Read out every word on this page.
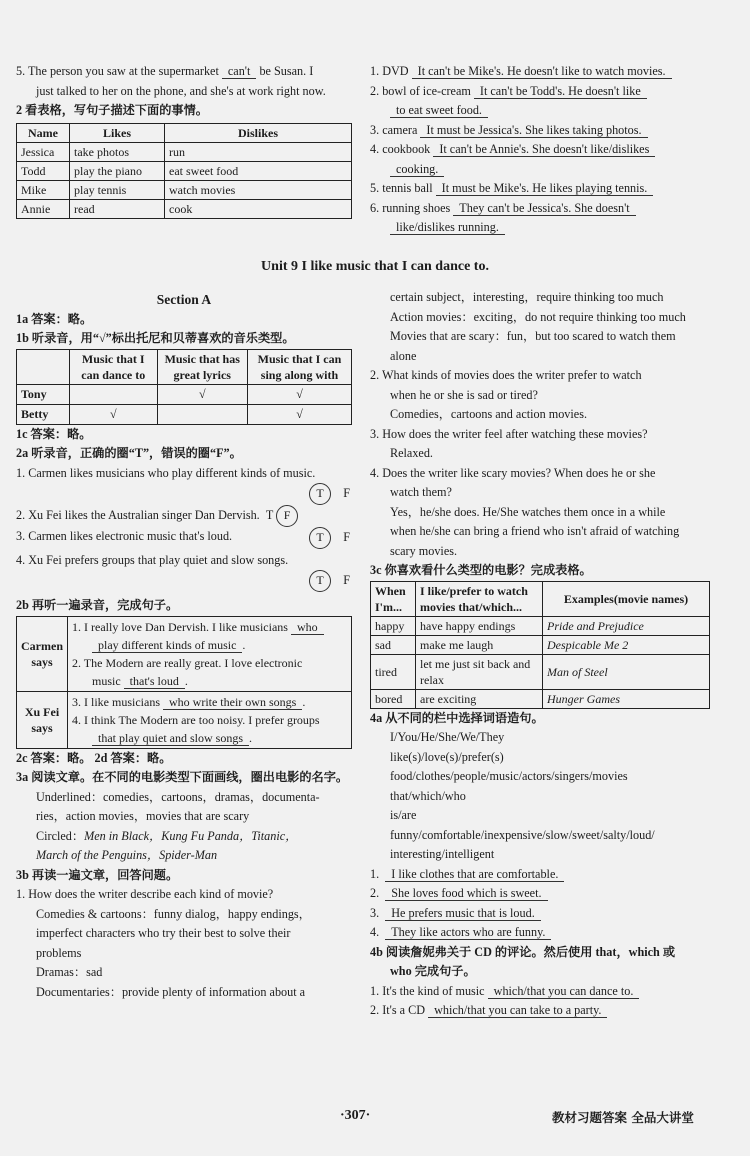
5. The person you saw at the supermarket can't be Susan. I

just talked to her on the phone, and she's at work right now.

2 看表格，写句子描述下面的事情。

Name	Likes	Dislikes
Jessica	take photos	run
Todd	play the piano	eat sweet food
Mike	play tennis	watch movies
Annie	read	cook

1. DVD It can't be Mike's. He doesn't like to watch movies.

2. bowl of ice-cream It can't be Todd's. He doesn't like

to eat sweet food.

3. camera It must be Jessica's. She likes taking photos.

4. cookbook It can't be Annie's. She doesn't like/dislikes

cooking.

5. tennis ball It must be Mike's. He likes playing tennis.

6. running shoes They can't be Jessica's. She doesn't

like/dislikes running.

Unit 9 I like music that I can dance to.

Section A

1a 答案：略。

1b 听录音，用“√”标出托尼和贝蒂喜欢的音乐类型。

	Music that I can dance to	Music that has great lyrics	Music that I can sing along with
Tony		√	√
Betty	√		√

1c 答案：略。

2a 听录音，正确的圈“T”，错误的圈“F”。

1. Carmen likes musicians who play different kinds of music.

T F

2. Xu Fei likes the Australian singer Dan Dervish. T F

3. Carmen likes electronic music that's loud.	T F

4. Xu Fei prefers groups that play quiet and slow songs.

T F

2b 再听一遍录音，完成句子。

Carmen says	1. I really love Dan Dervish. I like musicians who
play different kinds of music .
2. The Modern are really great. I love electronic
music that's loud .

Xu Fei says	3. I like musicians who write their own songs .
4. I think The Modern are too noisy. I prefer groups
that play quiet and slow songs .

2c 答案：略。 2d 答案：略。

3a 阅读文章。在不同的电影类型下面画线，圈出电影的名字。

Underlined：comedies，cartoons，dramas，documenta-

ries，action movies，movies that are scary

Circled：Men in Black，Kung Fu Panda，Titanic，

March of the Penguins，Spider-Man

3b 再读一遍文章，回答问题。

1. How does the writer describe each kind of movie?

Comedies & cartoons：funny dialog，happy endings，

imperfect characters who try their best to solve their

problems

Dramas：sad

Documentaries：provide plenty of information about a

certain subject，interesting，require thinking too much

Action movies：exciting，do not require thinking too much

Movies that are scary：fun，but too scared to watch them

alone

2. What kinds of movies does the writer prefer to watch

when he or she is sad or tired?

Comedies，cartoons and action movies.

3. How does the writer feel after watching these movies?

Relaxed.

4. Does the writer like scary movies? When does he or she

watch them?

Yes，he/she does. He/She watches them once in a while

when he/she can bring a friend who isn't afraid of watching

scary movies.

3c 你喜欢看什么类型的电影？完成表格。

When I'm...	I like/prefer to watch movies that/which...	Examples(movie names)
happy	have happy endings	Pride and Prejudice
sad	make me laugh	Despicable Me 2
tired	let me just sit back and relax	Man of Steel
bored	are exciting	Hunger Games

4a 从不同的栏中选择词语造句。

I/You/He/She/We/They

like(s)/love(s)/prefer(s)

food/clothes/people/music/actors/singers/movies

that/which/who

is/are

funny/comfortable/inexpensive/slow/sweet/salty/loud/

interesting/intelligent

1.  I like clothes that are comfortable.

2.  She loves food which is sweet.

3.  He prefers music that is loud.

4.  They like actors who are funny.

4b 阅读詹妮弗关于 CD 的评论。然后使用 that，which 或

who 完成句子。

1. It's the kind of music which/that you can dance to.

2. It's a CD which/that you can take to a party.

·307·	教材习题答案 全品大讲堂
